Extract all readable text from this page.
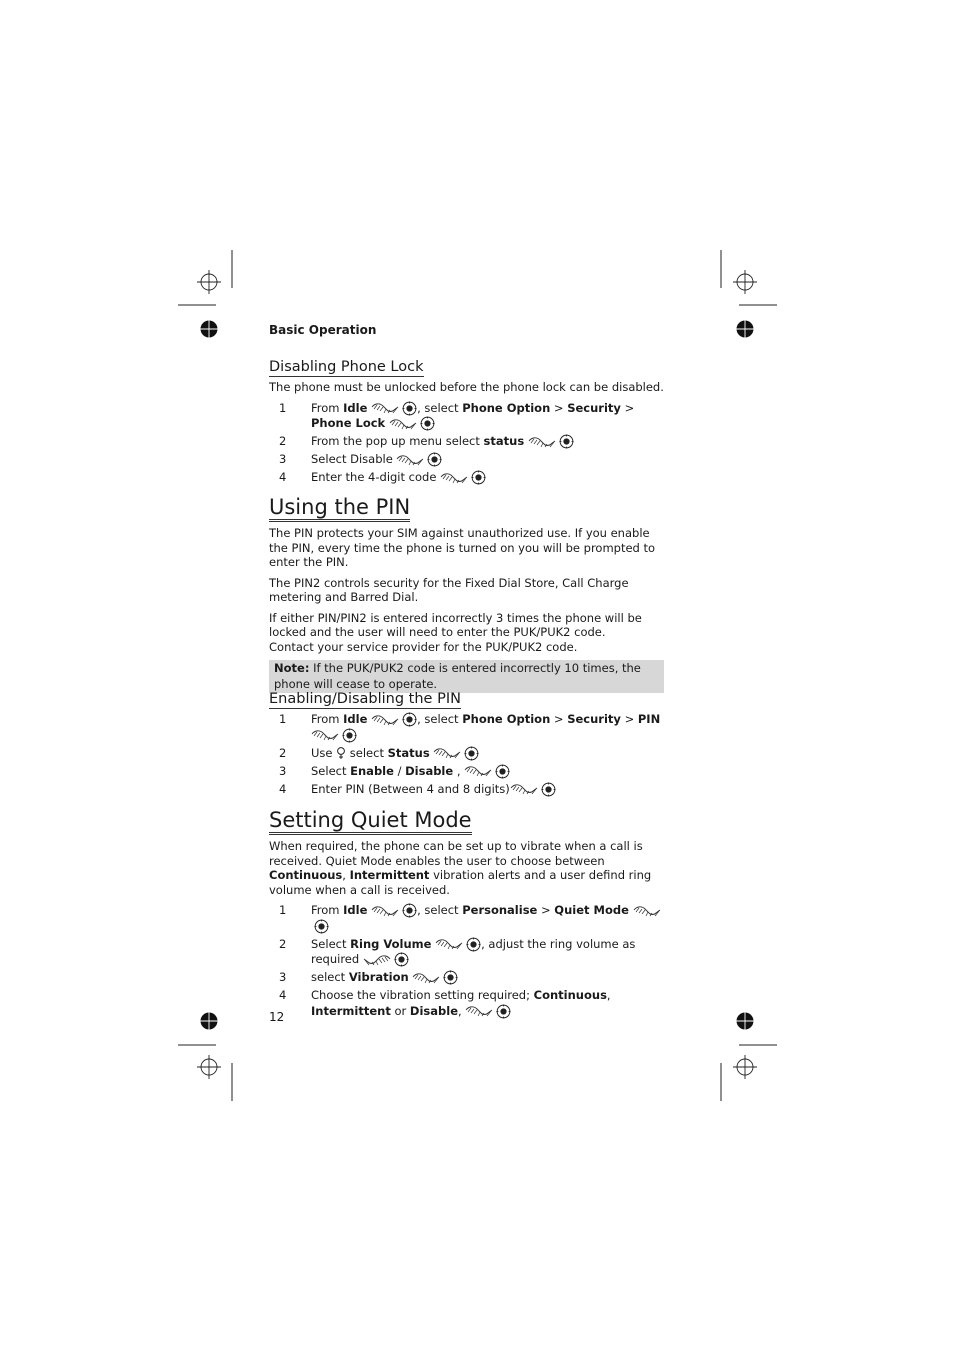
Basic Operation
Disabling Phone Lock

The phone must be unlocked before the phone lock can be disabled.

1 From Idle	, select Phone Option > Security > Phone Lock
2 From the pop up menu select status
3 Select Disable
4 Enter the 4-digit code
Using the PIN

The PIN protects your SIM against unauthorized use. If you enable the PIN, every time the phone is turned on you will be prompted to enter the PIN.

The PIN2 controls security for the Fixed Dial Store, Call Charge metering and Barred Dial.

If either PIN/PIN2 is entered incorrectly 3 times the phone will be locked and the user will need to enter the PUK/PUK2 code.

Contact your service provider for the PUK/PUK2 code.

Note: If the PUK/PUK2 code is entered incorrectly 10 times, the phone will cease to operate.
Enabling/Disabling the PIN
1 From Idle	, select Phone Option > Security > PIN
2 Use  select Status
3 Select Enable / Disable ,
4 Enter PIN (Between 4 and 8 digits)
Setting Quiet Mode

When required, the phone can be set up to vibrate when a call is received. Quiet Mode enables the user to choose between Continuous, Intermittent vibration alerts and a user defind ring volume when a call is received.

1 From Idle	, select Personalise > Quiet Mode
2 Select Ring Volume	, adjust the ring volume as required
3 select Vibration
4 Choose the vibration setting required; Continuous, Intermittent or Disable,
12
